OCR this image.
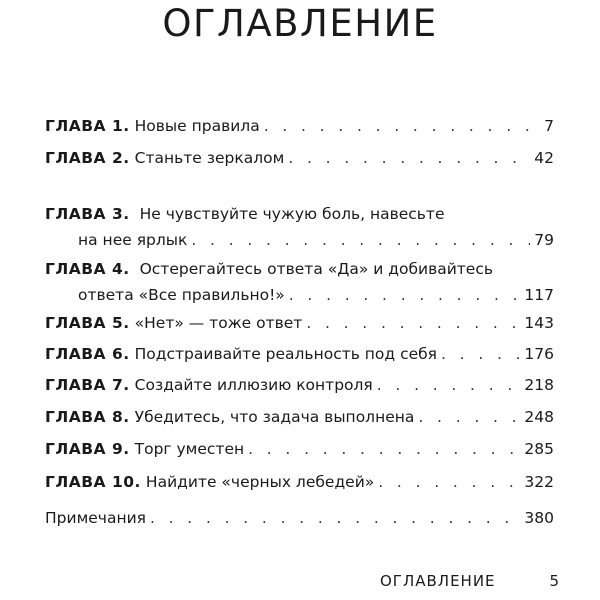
ОГЛАВЛЕНИЕ
ГЛАВА 1. Новые правила . . .	7
ГЛАВА 2. Станьте зеркалом . . .	42
ГЛАВА 3. Не чувствуйте чужую боль, навесьте
на нее ярлык . . .	79
ГЛАВА 4. Остерегайтесь ответа «Да» и добивайтесь
ответа «Все правильно!» . . .	117
ГЛАВА 5. «Нет» — тоже ответ . . .	143
ГЛАВА 6. Подстраивайте реальность под себя . . .	176
ГЛАВА 7. Создайте иллюзию контроля . . .	218
ГЛАВА 8. Убедитесь, что задача выполнена . . .	248
ГЛАВА 9. Торг уместен . . .	285
ГЛАВА 10. Найдите «черных лебедей» . . .	322
Примечания . . .	380
ОГЛАВЛЕНИЕ	5
